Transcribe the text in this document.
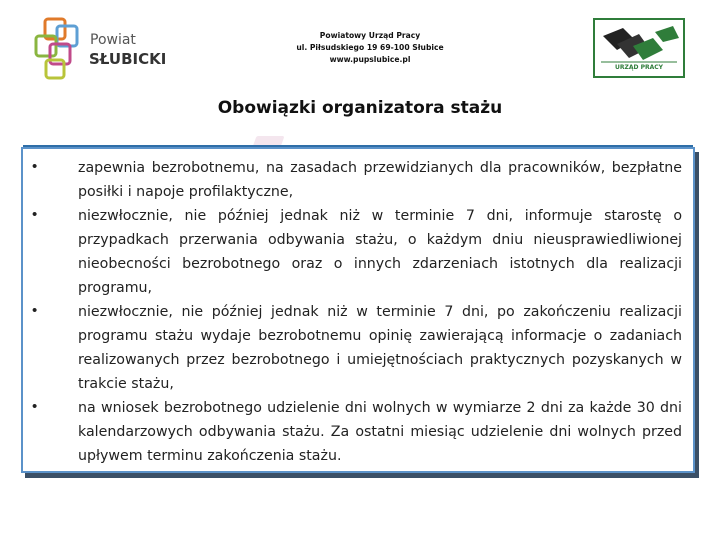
Powiat
SŁUBICKI
Powiatowy Urząd Pracy
ul. Piłsudskiego 19 69-100 Słubice
www.pupslubice.pl
URZĄD PRACY
Obowiązki organizatora stażu
•	zapewnia bezrobotnemu, na zasadach przewidzianych dla pracowników, bezpłatne posiłki i napoje profilaktyczne,
•	niezwłocznie, nie później jednak niż w terminie 7 dni, informuje starostę o przypadkach przerwania odbywania stażu, o każdym dniu nieusprawiedliwionej nieobecności bezrobotnego oraz o innych zdarzeniach istotnych dla realizacji programu,
•	niezwłocznie, nie później jednak niż w terminie 7 dni, po zakończeniu realizacji programu stażu wydaje bezrobotnemu opinię zawierającą informacje o zadaniach realizowanych przez bezrobotnego i umiejętnościach praktycznych pozyskanych w trakcie stażu,
•	na wniosek bezrobotnego udzielenie dni wolnych w wymiarze 2 dni za każde 30 dni kalendarzowych odbywania stażu. Za ostatni miesiąc udzielenie dni wolnych przed upływem terminu zakończenia stażu.
